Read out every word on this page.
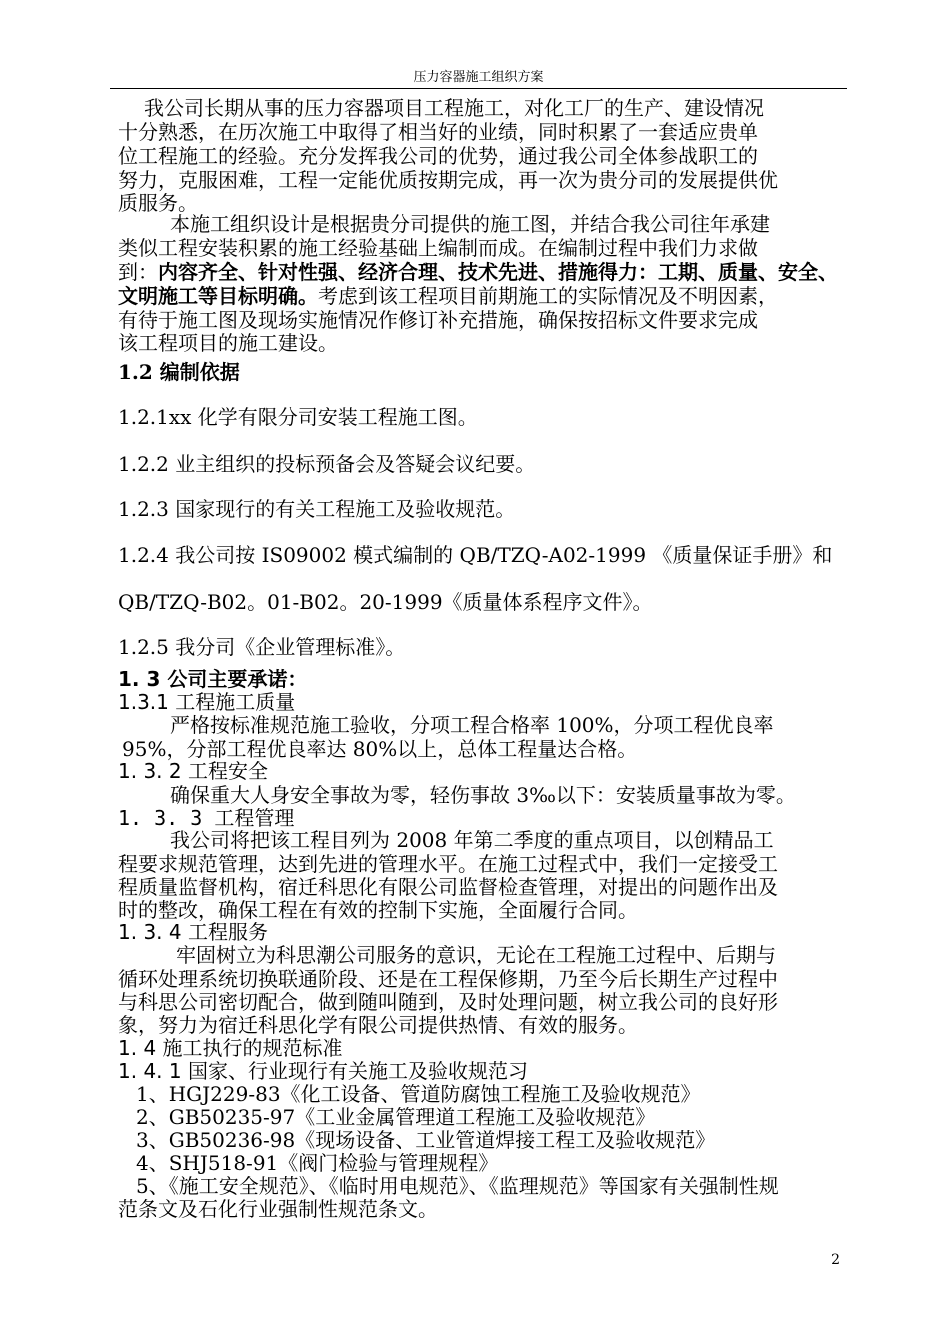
压力容器施工组织方案
我公司长期从事的压力容器项目工程施工，对化工厂的生产、建设情况
十分熟悉，在历次施工中取得了相当好的业绩，同时积累了一套适应贵单
位工程施工的经验。充分发挥我公司的优势，通过我公司全体参战职工的
努力，克服困难，工程一定能优质按期完成，再一次为贵分司的发展提供优
质服务。
本施工组织设计是根据贵分司提供的施工图，并结合我公司往年承建
类似工程安装积累的施工经验基础上编制而成。在编制过程中我们力求做
到：内容齐全、针对性强、经济合理、技术先进、措施得力：工期、质量、安全、
文明施工等目标明确。考虑到该工程项目前期施工的实际情况及不明因素，
有待于施工图及现场实施情况作修订补充措施，确保按招标文件要求完成
该工程项目的施工建设。
1.2 编制依据
1.2.1xx 化学有限分司安装工程施工图。
1.2.2 业主组织的投标预备会及答疑会议纪要。
1.2.3 国家现行的有关工程施工及验收规范。
1.2.4 我公司按 IS09002 模式编制的 QB/TZQ-A02-1999 《质量保证手册》和
QB/TZQ-B02。01-B02。20-1999《质量体系程序文件》。
1.2.5 我分司《企业管理标准》。
1. 3 公司主要承诺：
1.3.1 工程施工质量
严格按标准规范施工验收，分项工程合格率 100%，分项工程优良率
95%，分部工程优良率达 80%以上，总体工程量达合格。
1. 3. 2 工程安全
确保重大人身安全事故为零，轻伤事故 3‰以下：安装质量事故为零。
1. 3. 3 工程管理
我公司将把该工程目列为 2008 年第二季度的重点项目，以创精品工
程要求规范管理，达到先进的管理水平。在施工过程式中，我们一定接受工
程质量监督机构，宿迁科思化有限公司监督检查管理，对提出的问题作出及
时的整改，确保工程在有效的控制下实施，全面履行合同。
1. 3. 4 工程服务
牢固树立为科思潮公司服务的意识，无论在工程施工过程中、后期与
循环处理系统切换联通阶段、还是在工程保修期，乃至今后长期生产过程中
与科思公司密切配合，做到随叫随到，及时处理问题，树立我公司的良好形
象，努力为宿迁科思化学有限公司提供热情、有效的服务。
1. 4 施工执行的规范标准
1. 4. 1 国家、行业现行有关施工及验收规范习
1、HGJ229-83《化工设备、管道防腐蚀工程施工及验收规范》
2、GB50235-97《工业金属管理道工程施工及验收规范》
3、GB50236-98《现场设备、工业管道焊接工程工及验收规范》
4、SHJ518-91《阀门检验与管理规程》
5、《施工安全规范》、《临时用电规范》、《监理规范》等国家有关强制性规
范条文及石化行业强制性规范条文。
2
